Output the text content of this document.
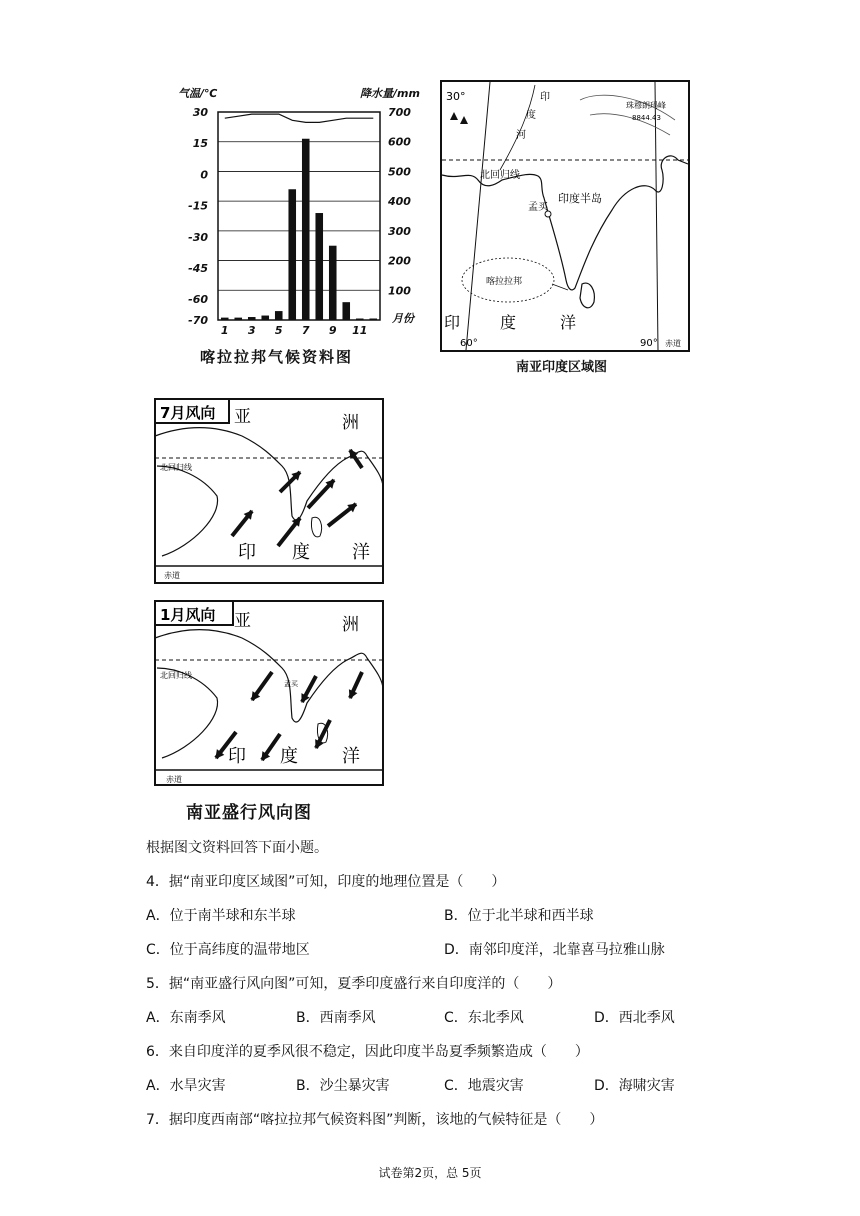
气温/℃	降水量/mm
700
600
500
400
300
200
100
30
15
0
-15
-30
-45
-60
-70
1 3 5 7 9 11
月份
喀拉拉邦气候资料图
30°	印
度
河
珠穆朗玛峰
8844.43
北回归线
孟买
印度半岛
喀拉拉邦
印 度	洋
60°	90° 赤道
南亚印度区域图
7月风向 亚	洲
北回归线
印 度 洋
赤道
1月风向 亚	洲
北回归线
孟买
印 度 洋
赤道
南亚盛行风向图
根据图文资料回答下面小题。
4．据“南亚印度区域图”可知，印度的地理位置是（　　）
A．位于南半球和东半球	B．位于北半球和西半球
C．位于高纬度的温带地区	D．南邻印度洋，北靠喜马拉雅山脉
5．据“南亚盛行风向图”可知，夏季印度盛行来自印度洋的（　　）
A．东南季风	B．西南季风	C．东北季风	D．西北季风
6．来自印度洋的夏季风很不稳定，因此印度半岛夏季频繁造成（　　）
A．水旱灾害	B．沙尘暴灾害	C．地震灾害	D．海啸灾害
7．据印度西南部“喀拉拉邦气候资料图”判断，该地的气候特征是（　　）
试卷第2页，总 5页
